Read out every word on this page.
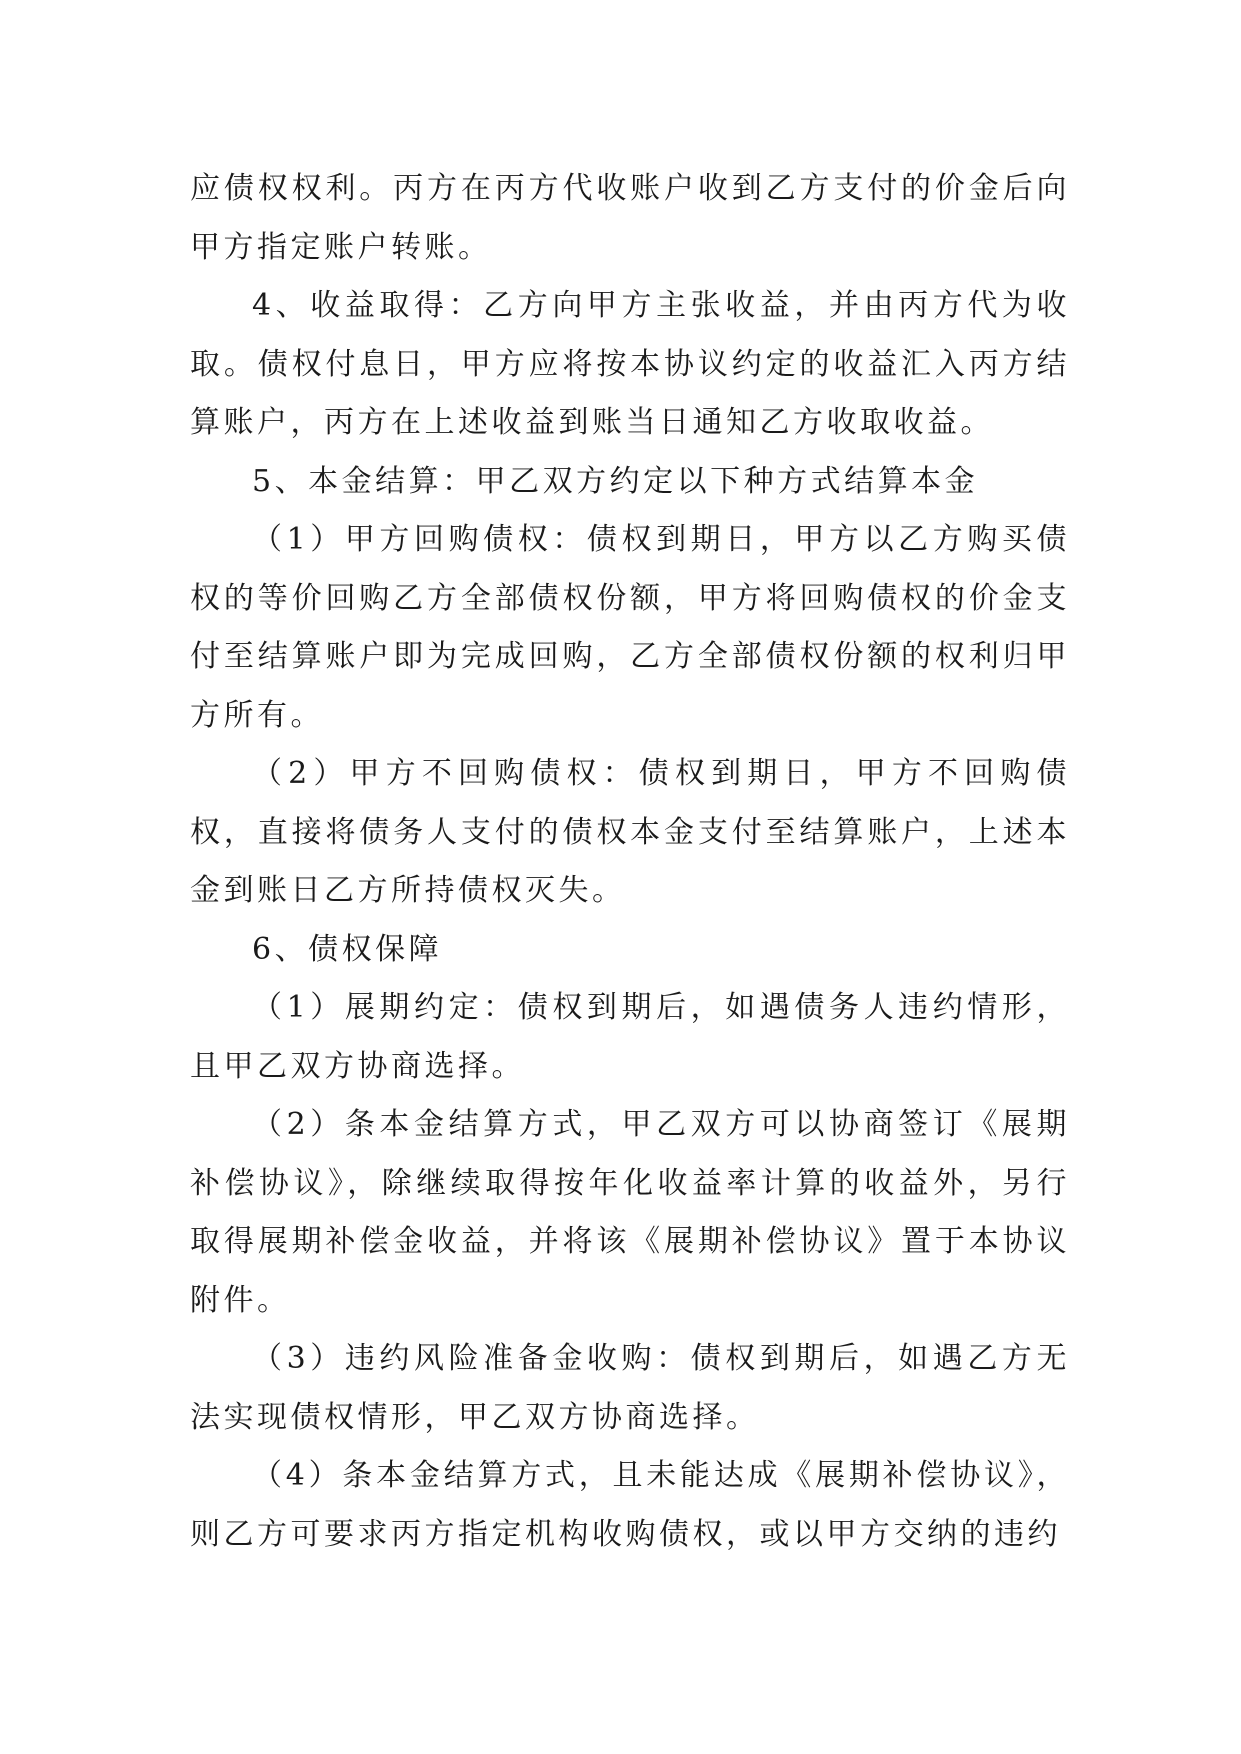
应债权权利。丙方在丙方代收账户收到乙方支付的价金后向甲方指定账户转账。

4、收益取得：乙方向甲方主张收益，并由丙方代为收取。债权付息日，甲方应将按本协议约定的收益汇入丙方结算账户，丙方在上述收益到账当日通知乙方收取收益。

5、本金结算：甲乙双方约定以下种方式结算本金

（1）甲方回购债权：债权到期日，甲方以乙方购买债权的等价回购乙方全部债权份额，甲方将回购债权的价金支付至结算账户即为完成回购，乙方全部债权份额的权利归甲方所有。

（2）甲方不回购债权：债权到期日，甲方不回购债权，直接将债务人支付的债权本金支付至结算账户，上述本金到账日乙方所持债权灭失。

6、债权保障

（1）展期约定：债权到期后，如遇债务人违约情形，且甲乙双方协商选择。

（2）条本金结算方式，甲乙双方可以协商签订《展期补偿协议》，除继续取得按年化收益率计算的收益外，另行取得展期补偿金收益，并将该《展期补偿协议》置于本协议附件。

（3）违约风险准备金收购：债权到期后，如遇乙方无法实现债权情形，甲乙双方协商选择。

（4）条本金结算方式，且未能达成《展期补偿协议》，则乙方可要求丙方指定机构收购债权，或以甲方交纳的违约
